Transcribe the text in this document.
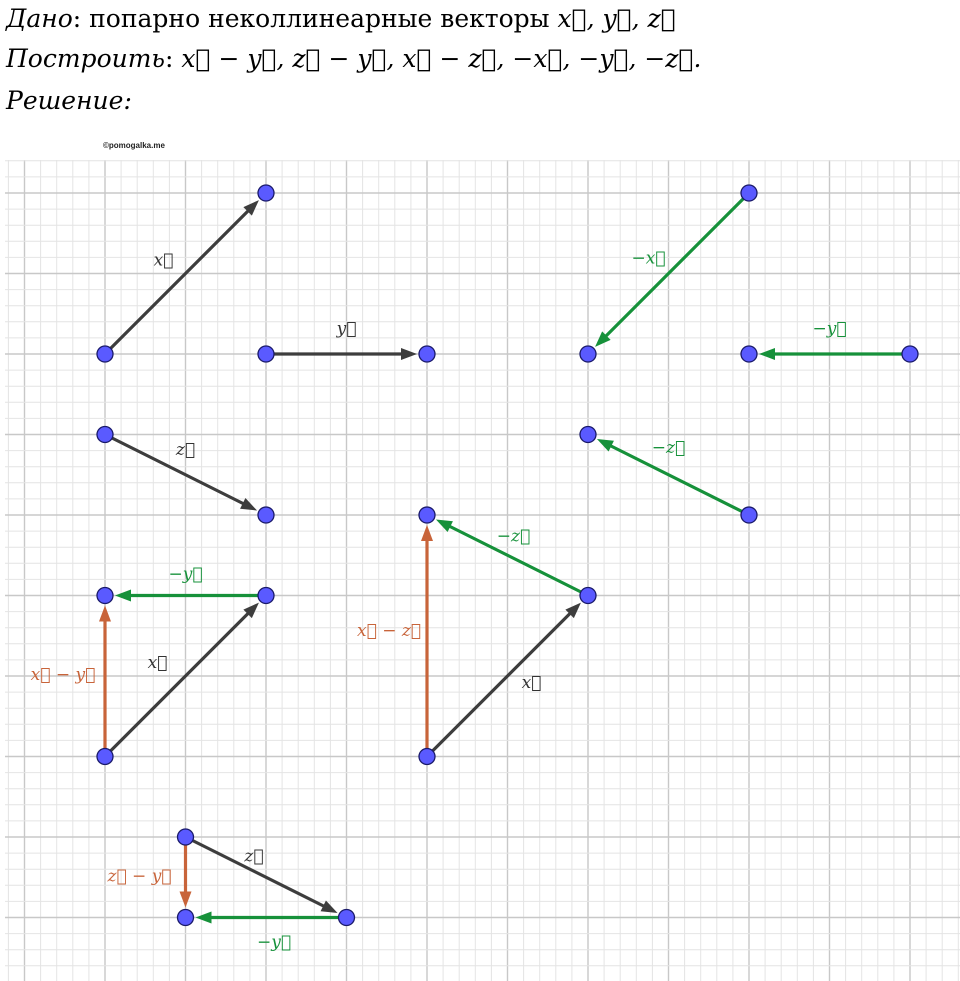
Дано: попарно неколлинеарные векторы x⃗, y⃗, z⃗
Построить: x⃗ − y⃗, z⃗ − y⃗, x⃗ − z⃗, −x⃗, −y⃗, −z⃗.
Решение:
©pomogalka.me
x⃗
y⃗
z⃗
−x⃗
−y⃗
−z⃗
x⃗
−y⃗
x⃗ − y⃗	x⃗
−z⃗
x⃗ − z⃗
z⃗
−y⃗
z⃗ − y⃗
